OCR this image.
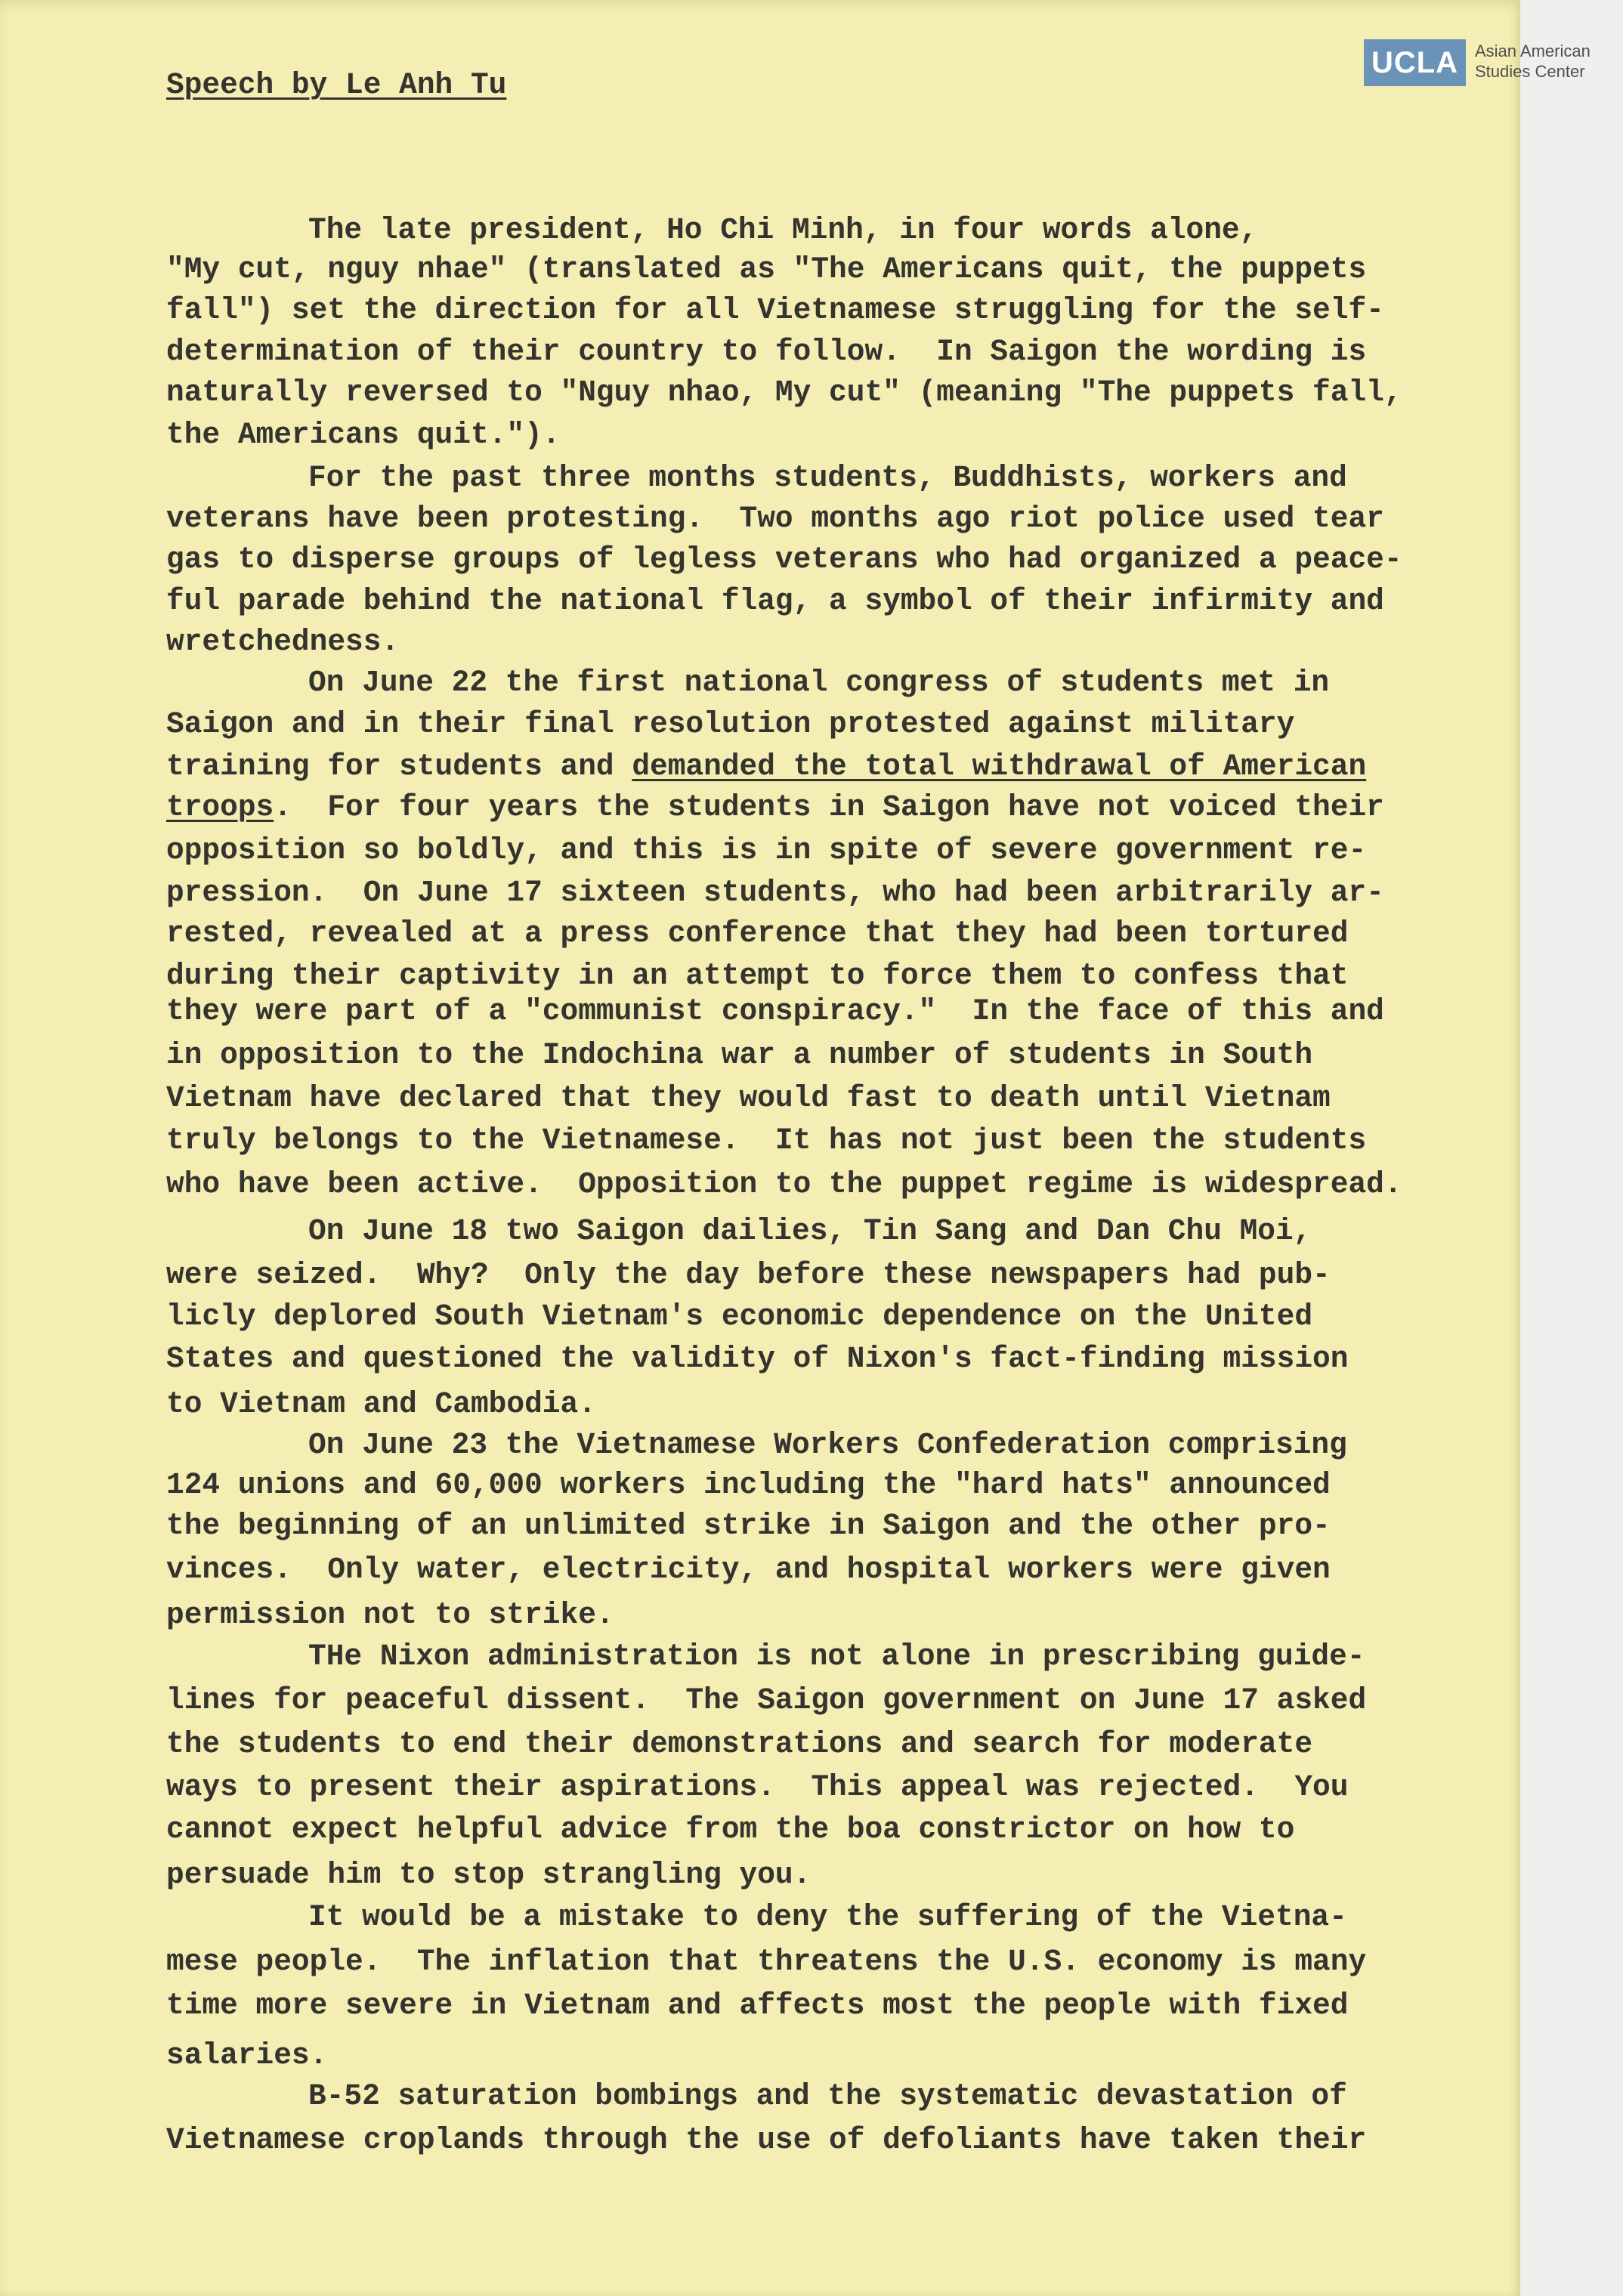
UCLA Asian American
Studies Center
Speech by Le Anh Tu
The late president, Ho Chi Minh, in four words alone,
"My cut, nguy nhae" (translated as "The Americans quit, the puppets
fall") set the direction for all Vietnamese struggling for the self-
determination of their country to follow.  In Saigon the wording is
naturally reversed to "Nguy nhao, My cut" (meaning "The puppets fall,
the Americans quit.").
For the past three months students, Buddhists, workers and
veterans have been protesting.  Two months ago riot police used tear
gas to disperse groups of legless veterans who had organized a peace-
ful parade behind the national flag, a symbol of their infirmity and
wretchedness.
On June 22 the first national congress of students met in
Saigon and in their final resolution protested against military
training for students and demanded the total withdrawal of American
troops.  For four years the students in Saigon have not voiced their
opposition so boldly, and this is in spite of severe government re-
pression.  On June 17 sixteen students, who had been arbitrarily ar-
rested, revealed at a press conference that they had been tortured
during their captivity in an attempt to force them to confess that
they were part of a "communist conspiracy."  In the face of this and
in opposition to the Indochina war a number of students in South
Vietnam have declared that they would fast to death until Vietnam
truly belongs to the Vietnamese.  It has not just been the students
who have been active.  Opposition to the puppet regime is widespread.
On June 18 two Saigon dailies, Tin Sang and Dan Chu Moi,
were seized.  Why?  Only the day before these newspapers had pub-
licly deplored South Vietnam's economic dependence on the United
States and questioned the validity of Nixon's fact-finding mission
to Vietnam and Cambodia.
On June 23 the Vietnamese Workers Confederation comprising
124 unions and 60,000 workers including the "hard hats" announced
the beginning of an unlimited strike in Saigon and the other pro-
vinces.  Only water, electricity, and hospital workers were given
permission not to strike.
THe Nixon administration is not alone in prescribing guide-
lines for peaceful dissent.  The Saigon government on June 17 asked
the students to end their demonstrations and search for moderate
ways to present their aspirations.  This appeal was rejected.  You
cannot expect helpful advice from the boa constrictor on how to
persuade him to stop strangling you.
It would be a mistake to deny the suffering of the Vietna-
mese people.  The inflation that threatens the U.S. economy is many
time more severe in Vietnam and affects most the people with fixed
salaries.
B-52 saturation bombings and the systematic devastation of
Vietnamese croplands through the use of defoliants have taken their
